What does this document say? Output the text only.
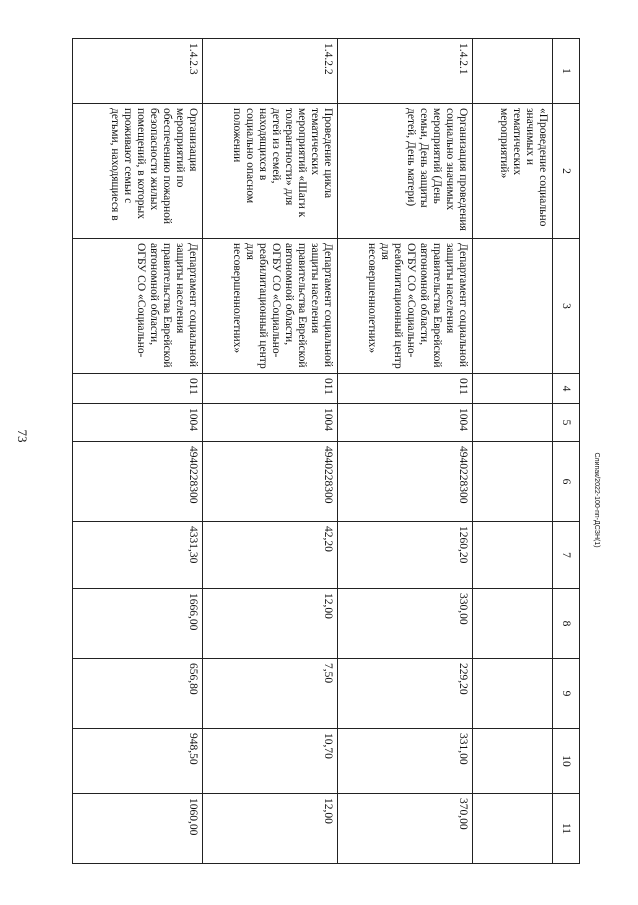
73
Слипак/2022-100-пп-ДСЗН(1)
1	2	3	4	5	6	7	8	9	10	11
	«Проведение социально значимых и тематических мероприятий»									
1.4.2.1	Организация проведения социально значимых мероприятий (День семьи, День защиты детей, День матери)	Департамент социальной защиты населения правительства Еврейской автономной области, ОГБУ СО «Социально-реабилитационный центр для несовершеннолетних»	011	1004	4940228300	1260,20	330,00	229,20	331,00	370,00
1.4.2.2	Проведение цикла тематических мероприятий «Шаги к толерантности» для детей из семей, находящихся в социально опасном положении	Департамент социальной защиты населения правительства Еврейской автономной области, ОГБУ СО «Социально-реабилитационный центр для несовершеннолетних»	011	1004	4940228300	42,20	12,00	7,50	10,70	12,00
1.4.2.3	Организация мероприятий по обеспечению пожарной безопасности жилых помещений, в которых проживают семьи с детьми, находящиеся в	Департамент социальной защиты населения правительства Еврейской автономной области, ОГБУ СО «Социально-	011	1004	4940228300	4331,30	1666,00	656,80	948,50	1060,00
